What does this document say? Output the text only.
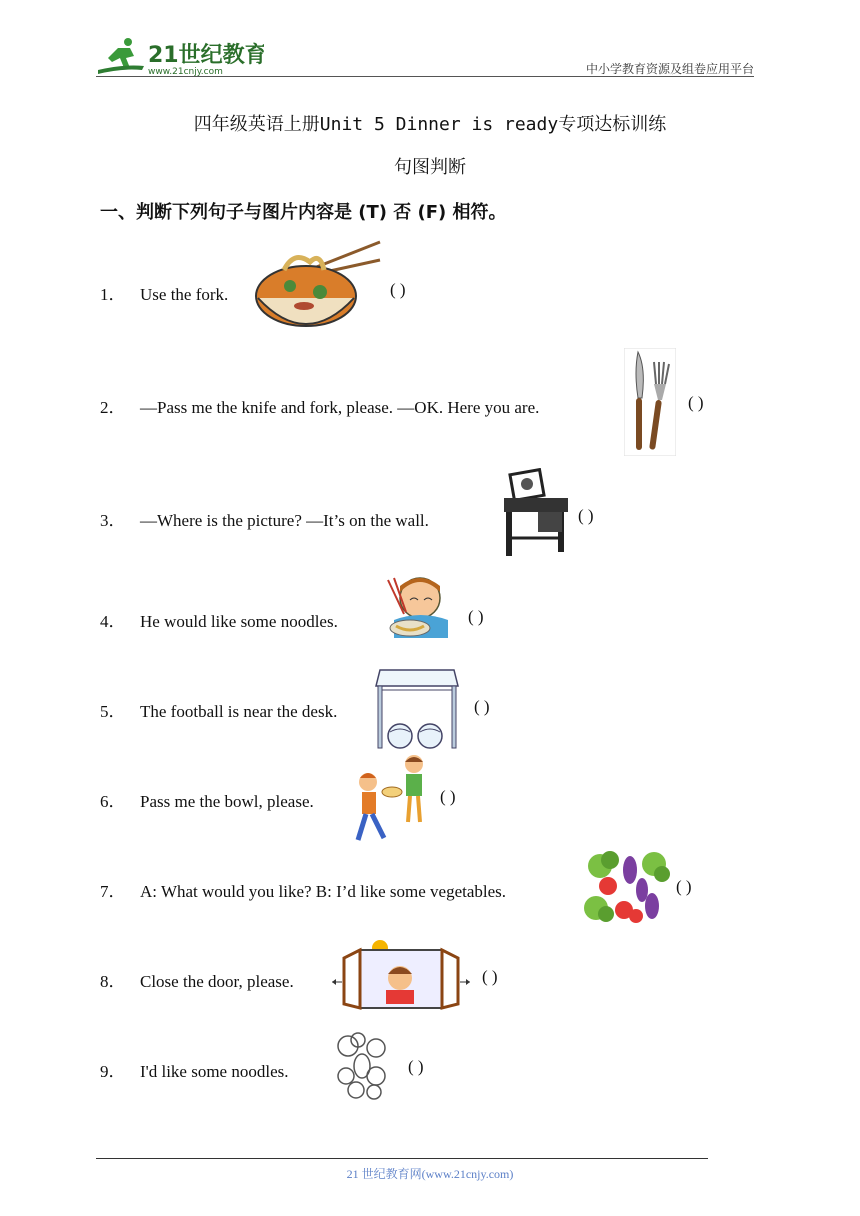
21世纪教育
www.21cnjy.com	中小学教育资源及组卷应用平台
四年级英语上册Unit 5 Dinner is ready专项达标训练
句图判断
一、判断下列句子与图片内容是 (T) 否 (F) 相符。
1． Use the fork.	( )
2． —Pass me the knife and fork, please. —OK. Here you are.	( )
3． —Where is the picture? —It’s on the wall.	( )
4． He would like some noodles.	( )
5． The football is near the desk.	( )
6． Pass me the bowl, please.	( )
7． A: What would you like? B: I’d like some vegetables.	( )
8． Close the door, please.	( )
9． I'd like some noodles.	( )
21 世纪教育网(www.21cnjy.com)
